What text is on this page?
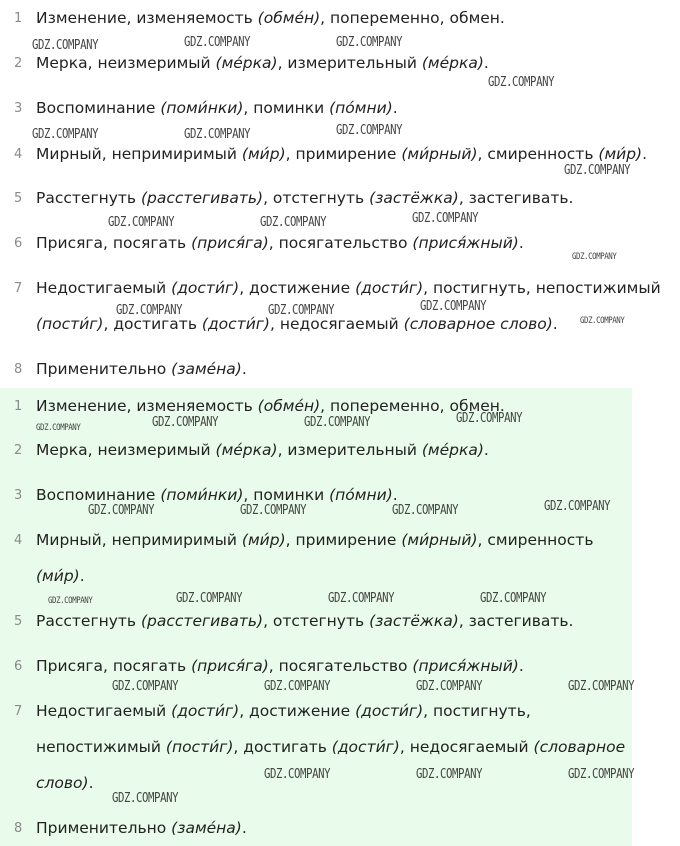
1 Изменение, изменяемость (обме́н), попеременно, обмен.
2 Мерка, неизмеримый (ме́рка), измерительный (ме́рка).
3 Воспоминание (поми́нки), поминки (по́мни).
4 Мирный, непримиримый (ми́р), примирение (ми́рный), смиренность (ми́р).
5 Расстегнуть (расстегивать), отстегнуть (застёжка), застегивать.
6 Присяга, посягать (прися́га), посягательство (прися́жный).
7 Недостигаемый (дости́г), достижение (дости́г), постигнуть, непостижимый (пости́г), достигать (дости́г), недосягаемый (словарное слово).
8 Применительно (заме́на).
1 Изменение, изменяемость (обме́н), попеременно, обмен.
2 Мерка, неизмеримый (ме́рка), измерительный (ме́рка).
3 Воспоминание (поми́нки), поминки (по́мни).
4 Мирный, непримиримый (ми́р), примирение (ми́рный), смиренность (ми́р).
5 Расстегнуть (расстегивать), отстегнуть (застёжка), застегивать.
6 Присяга, посягать (прися́га), посягательство (прися́жный).
7 Недостигаемый (дости́г), достижение (дости́г), постигнуть, непостижимый (пости́г), достигать (дости́г), недосягаемый (словарное слово).
8 Применительно (заме́на).
GDZ.COMPANY	GDZ.COMPANY	GDZ.COMPANY
GDZ.COMPANY
GDZ.COMPANY	GDZ.COMPANY	GDZ.COMPANY
GDZ.COMPANY
GDZ.COMPANY	GDZ.COMPANY	GDZ.COMPANY
GDZ.COMPANY
GDZ.COMPANY	GDZ.COMPANY	GDZ.COMPANY
GDZ.COMPANY
GDZ.COMPANY	GDZ.COMPANY	GDZ.COMPANY	GDZ.COMPANY
GDZ.COMPANY	GDZ.COMPANY	GDZ.COMPANY	GDZ.COMPANY
GDZ.COMPANY	GDZ.COMPANY	GDZ.COMPANY	GDZ.COMPANY
GDZ.COMPANY	GDZ.COMPANY	GDZ.COMPANY	GDZ.COMPANY
GDZ.COMPANY	GDZ.COMPANY	GDZ.COMPANY
GDZ.COMPANY
